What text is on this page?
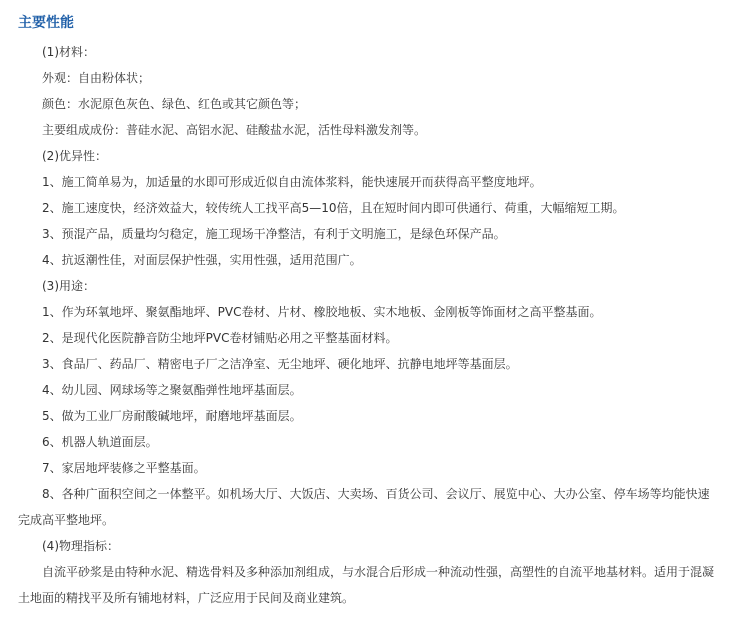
主要性能
(1)材料：
外观：自由粉体状；
颜色：水泥原色灰色、绿色、红色或其它颜色等；
主要组成成份：普硅水泥、高铝水泥、硅酸盐水泥，活性母料激发剂等。
(2)优异性：
1、施工简单易为，加适量的水即可形成近似自由流体浆料，能快速展开而获得高平整度地坪。
2、施工速度快，经济效益大，较传统人工找平高5—10倍，且在短时间内即可供通行、荷重，大幅缩短工期。
3、预混产品，质量均匀稳定，施工现场干净整洁，有利于文明施工，是绿色环保产品。
4、抗返潮性佳，对面层保护性强，实用性强，适用范围广。
(3)用途：
1、作为环氧地坪、聚氨酯地坪、PVC卷材、片材、橡胶地板、实木地板、金刚板等饰面材之高平整基面。
2、是现代化医院静音防尘地坪PVC卷材铺贴必用之平整基面材料。
3、食品厂、药品厂、精密电子厂之洁净室、无尘地坪、硬化地坪、抗静电地坪等基面层。
4、幼儿园、网球场等之聚氨酯弹性地坪基面层。
5、做为工业厂房耐酸碱地坪，耐磨地坪基面层。
6、机器人轨道面层。
7、家居地坪装修之平整基面。
8、各种广面积空间之一体整平。如机场大厅、大饭店、大卖场、百货公司、会议厅、展览中心、大办公室、停车场等均能快速完成高平整地坪。
(4)物理指标：
自流平砂浆是由特种水泥、精选骨料及多种添加剂组成，与水混合后形成一种流动性强，高塑性的自流平地基材料。适用于混凝土地面的精找平及所有铺地材料，广泛应用于民间及商业建筑。
